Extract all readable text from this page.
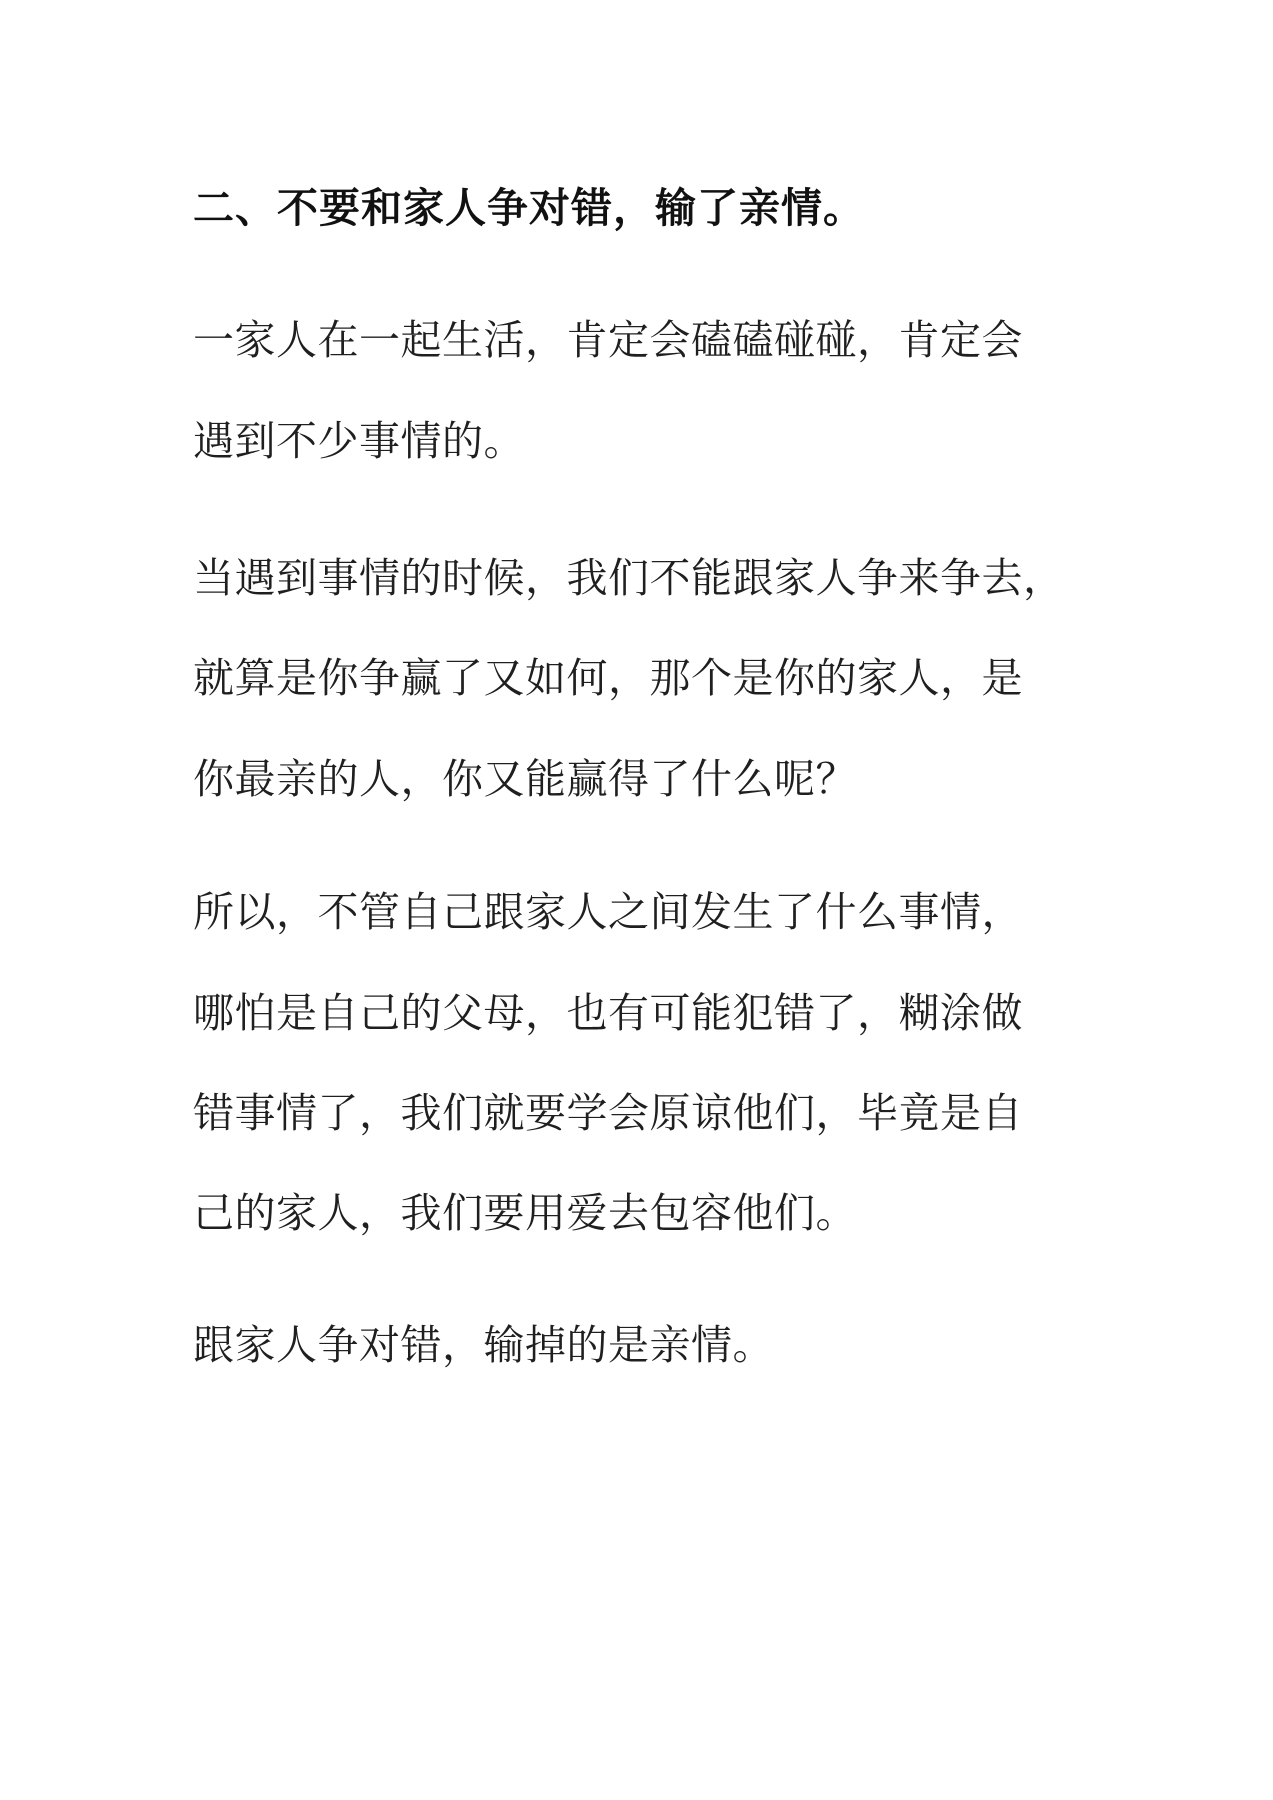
二、不要和家人争对错，输了亲情。

一家人在一起生活，肯定会磕磕碰碰，肯定会

遇到不少事情的。

当遇到事情的时候，我们不能跟家人争来争去，

就算是你争赢了又如何，那个是你的家人，是

你最亲的人，你又能赢得了什么呢？

所以，不管自己跟家人之间发生了什么事情，

哪怕是自己的父母，也有可能犯错了，糊涂做

错事情了，我们就要学会原谅他们，毕竟是自

己的家人，我们要用爱去包容他们。

跟家人争对错，输掉的是亲情。
